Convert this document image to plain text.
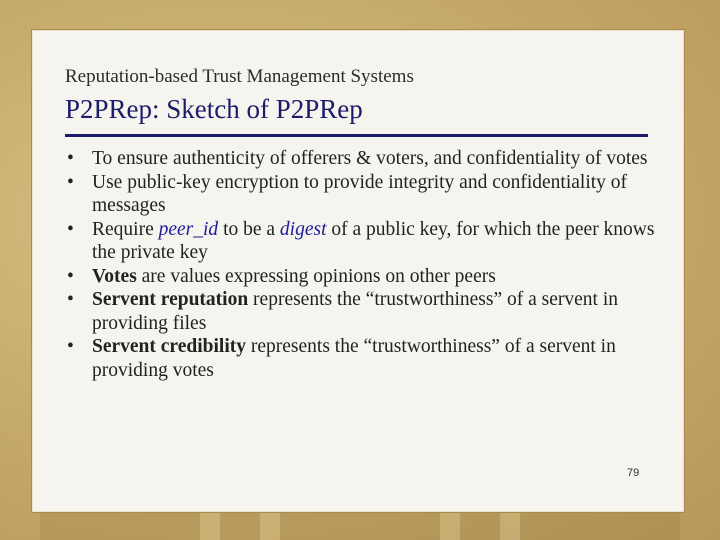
Reputation-based Trust Management Systems
P2PRep: Sketch of P2PRep
• To ensure authenticity of offerers & voters, and confidentiality of votes
• Use public-key encryption to provide integrity and confidentiality of messages
• Require peer_id to be a digest of a public key, for which the peer knows the private key
• Votes are values expressing opinions on other peers
• Servent reputation represents the “trustworthiness” of a servent in providing files
• Servent credibility represents the “trustworthiness” of a servent in providing votes
79
